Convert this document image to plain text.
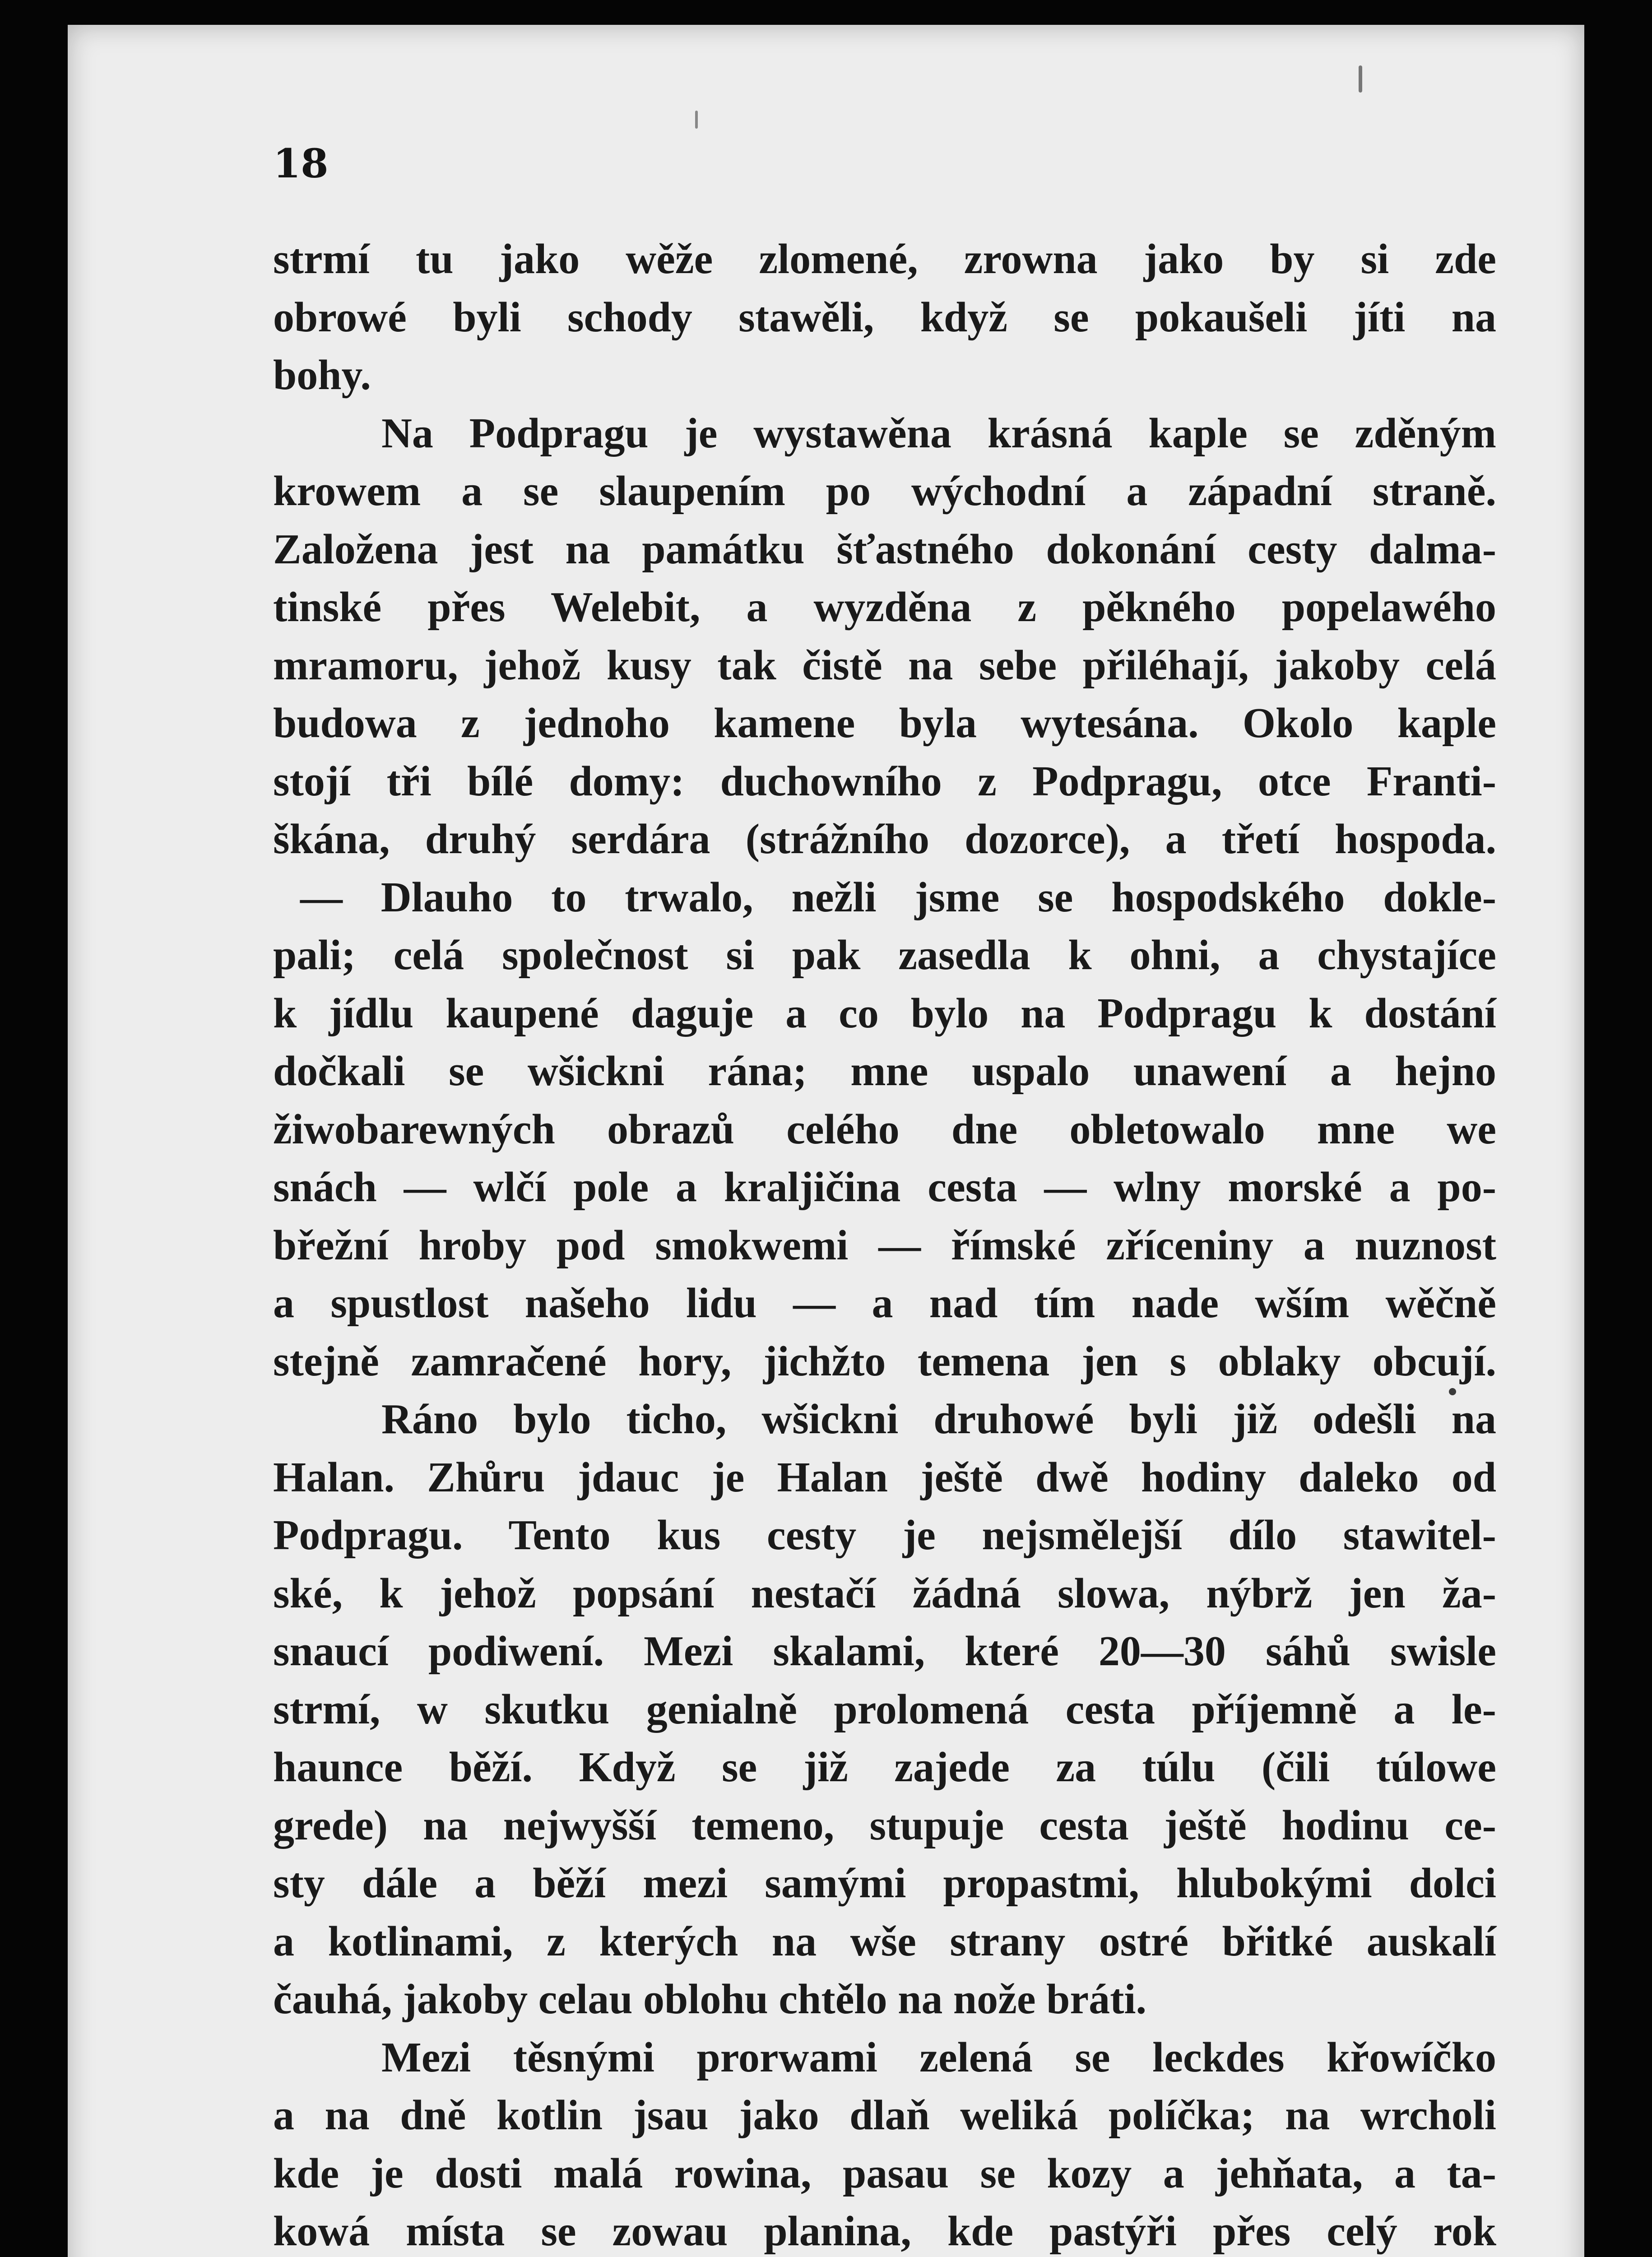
18

strmí tu jako wěže zlomené, zrowna jako by si zde

obrowé byli schody stawěli, když se pokaušeli jíti na

bohy.

Na Podpragu je wystawěna krásná kaple se zděným

krowem a se slaupením po wýchodní a západní straně.

Založena jest na památku šťastného dokonání cesty dalma-

tinské přes Welebit, a wyzděna z pěkného popelawého

mramoru, jehož kusy tak čistě na sebe přiléhají, jakoby celá

budowa z jednoho kamene byla wytesána. Okolo kaple

stojí tři bílé domy: duchowního z Podpragu, otce Franti-

škána, druhý serdára (strážního dozorce), a třetí hospoda.

— Dlauho to trwalo, nežli jsme se hospodského dokle-

pali; celá společnost si pak zasedla k ohni, a chystajíce

k jídlu kaupené daguje a co bylo na Podpragu k dostání

dočkali se wšickni rána; mne uspalo unawení a hejno

žiwobarewných obrazů celého dne obletowalo mne we

snách — wlčí pole a kraljičina cesta — wlny morské a po-

břežní hroby pod smokwemi — římské zříceniny a nuznost

a spustlost našeho lidu — a nad tím nade wším wěčně

stejně zamračené hory, jichžto temena jen s oblaky obcují.

Ráno bylo ticho, wšickni druhowé byli již odešli na

Halan. Zhůru jdauc je Halan ještě dwě hodiny daleko od

Podpragu. Tento kus cesty je nejsmělejší dílo stawitel-

ské, k jehož popsání nestačí žádná slowa, nýbrž jen ža-

snaucí podiwení. Mezi skalami, které 20—30 sáhů swisle

strmí, w skutku genialně prolomená cesta příjemně a le-

haunce běží. Když se již zajede za túlu (čili túlowe

grede) na nejwyšší temeno, stupuje cesta ještě hodinu ce-

sty dále a běží mezi samými propastmi, hlubokými dolci

a kotlinami, z kterých na wše strany ostré břitké auskalí

čauhá, jakoby celau oblohu chtělo na nože bráti.

Mezi těsnými prorwami zelená se leckdes křowíčko

a na dně kotlin jsau jako dlaň weliká políčka; na wrcholi

kde je dosti malá rowina, pasau se kozy a jehňata, a ta-

kowá místa se zowau planina, kde pastýři přes celý rok
